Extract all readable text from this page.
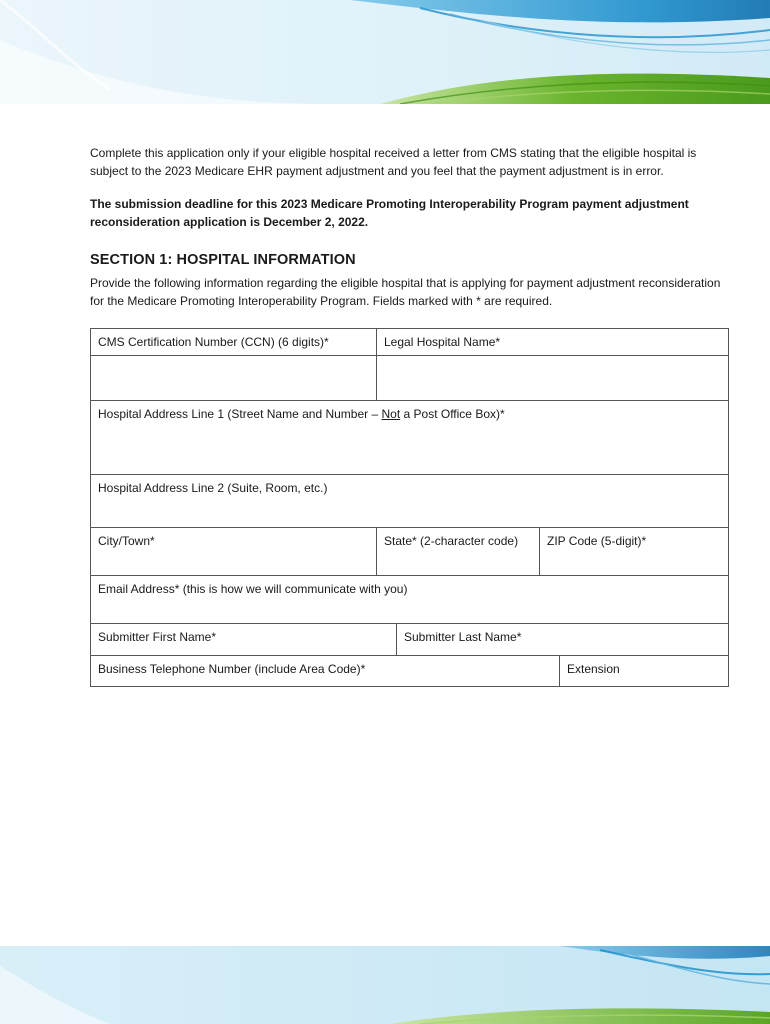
Complete this application only if your eligible hospital received a letter from CMS stating that the eligible hospital is subject to the 2023 Medicare EHR payment adjustment and you feel that the payment adjustment is in error.

The submission deadline for this 2023 Medicare Promoting Interoperability Program payment adjustment reconsideration application is December 2, 2022.

SECTION 1: HOSPITAL INFORMATION

Provide the following information regarding the eligible hospital that is applying for payment adjustment reconsideration for the Medicare Promoting Interoperability Program. Fields marked with * are required.

CMS Certification Number (CCN) (6 digits)*	Legal Hospital Name*			

Hospital Address Line 1 (Street Name and Number – Not a Post Office Box)*				
Hospital Address Line 2 (Suite, Room, etc.)				
City/Town*	State* (2-character code)		ZIP Code (5-digit)*	
Email Address* (this is how we will communicate with you)				
Submitter First Name*		Submitter Last Name*		
Business Telephone Number (include Area Code)*				Extension
